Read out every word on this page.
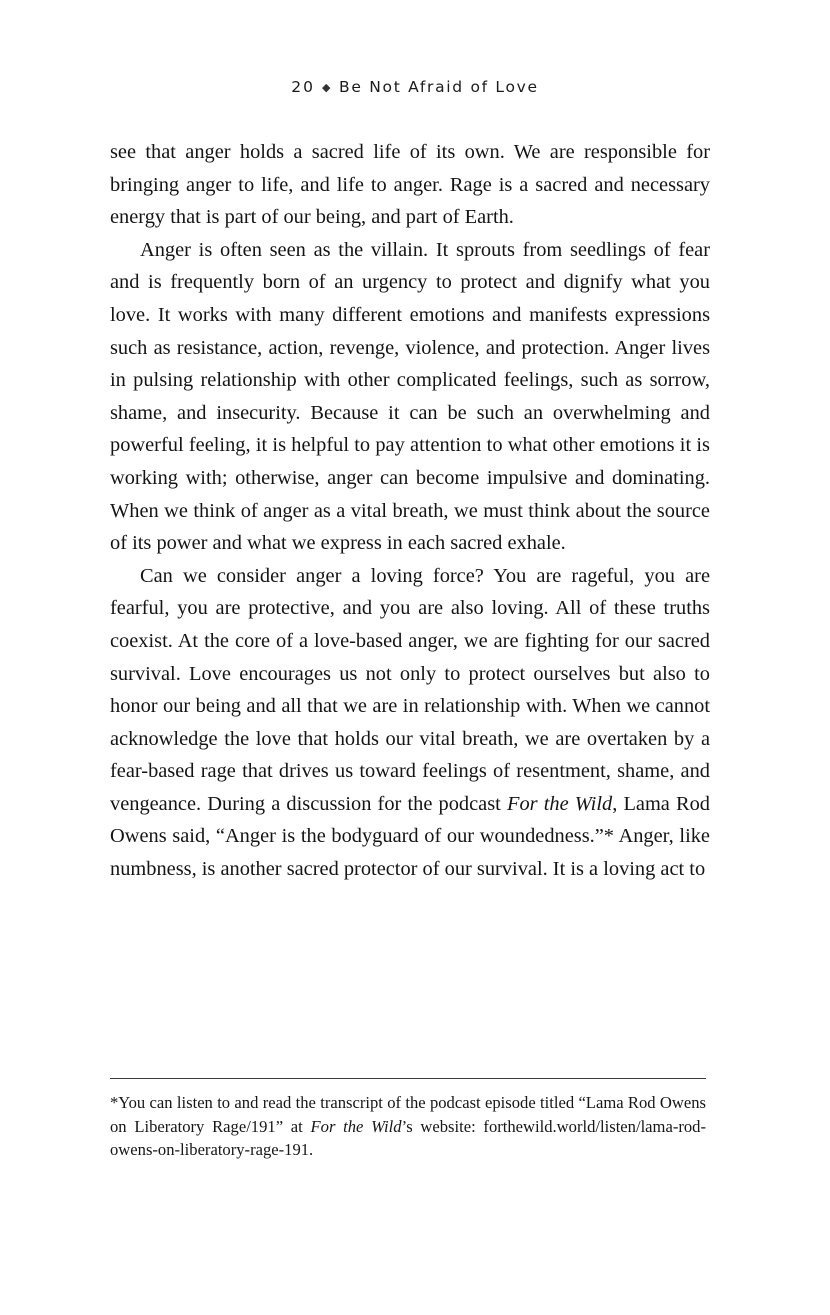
20 ◆ Be Not Afraid of Love

see that anger holds a sacred life of its own. We are responsible for bringing anger to life, and life to anger. Rage is a sacred and necessary energy that is part of our being, and part of Earth.

Anger is often seen as the villain. It sprouts from seedlings of fear and is frequently born of an urgency to protect and dignify what you love. It works with many different emotions and manifests expressions such as resistance, action, revenge, violence, and protection. Anger lives in pulsing relationship with other complicated feelings, such as sorrow, shame, and insecurity. Because it can be such an overwhelming and powerful feeling, it is helpful to pay attention to what other emotions it is working with; otherwise, anger can become impulsive and dominating. When we think of anger as a vital breath, we must think about the source of its power and what we express in each sacred exhale.

Can we consider anger a loving force? You are rageful, you are fearful, you are protective, and you are also loving. All of these truths coexist. At the core of a love-based anger, we are fighting for our sacred survival. Love encourages us not only to protect ourselves but also to honor our being and all that we are in relationship with. When we cannot acknowledge the love that holds our vital breath, we are overtaken by a fear-based rage that drives us toward feelings of resentment, shame, and vengeance. During a discussion for the podcast For the Wild, Lama Rod Owens said, “Anger is the bodyguard of our woundedness.”* Anger, like numbness, is another sacred protector of our survival. It is a loving act to

*You can listen to and read the transcript of the podcast episode titled “Lama Rod Owens on Liberatory Rage/191” at For the Wild’s website: forthewild.world/listen/lama-rod-owens-on-liberatory-rage-191.
